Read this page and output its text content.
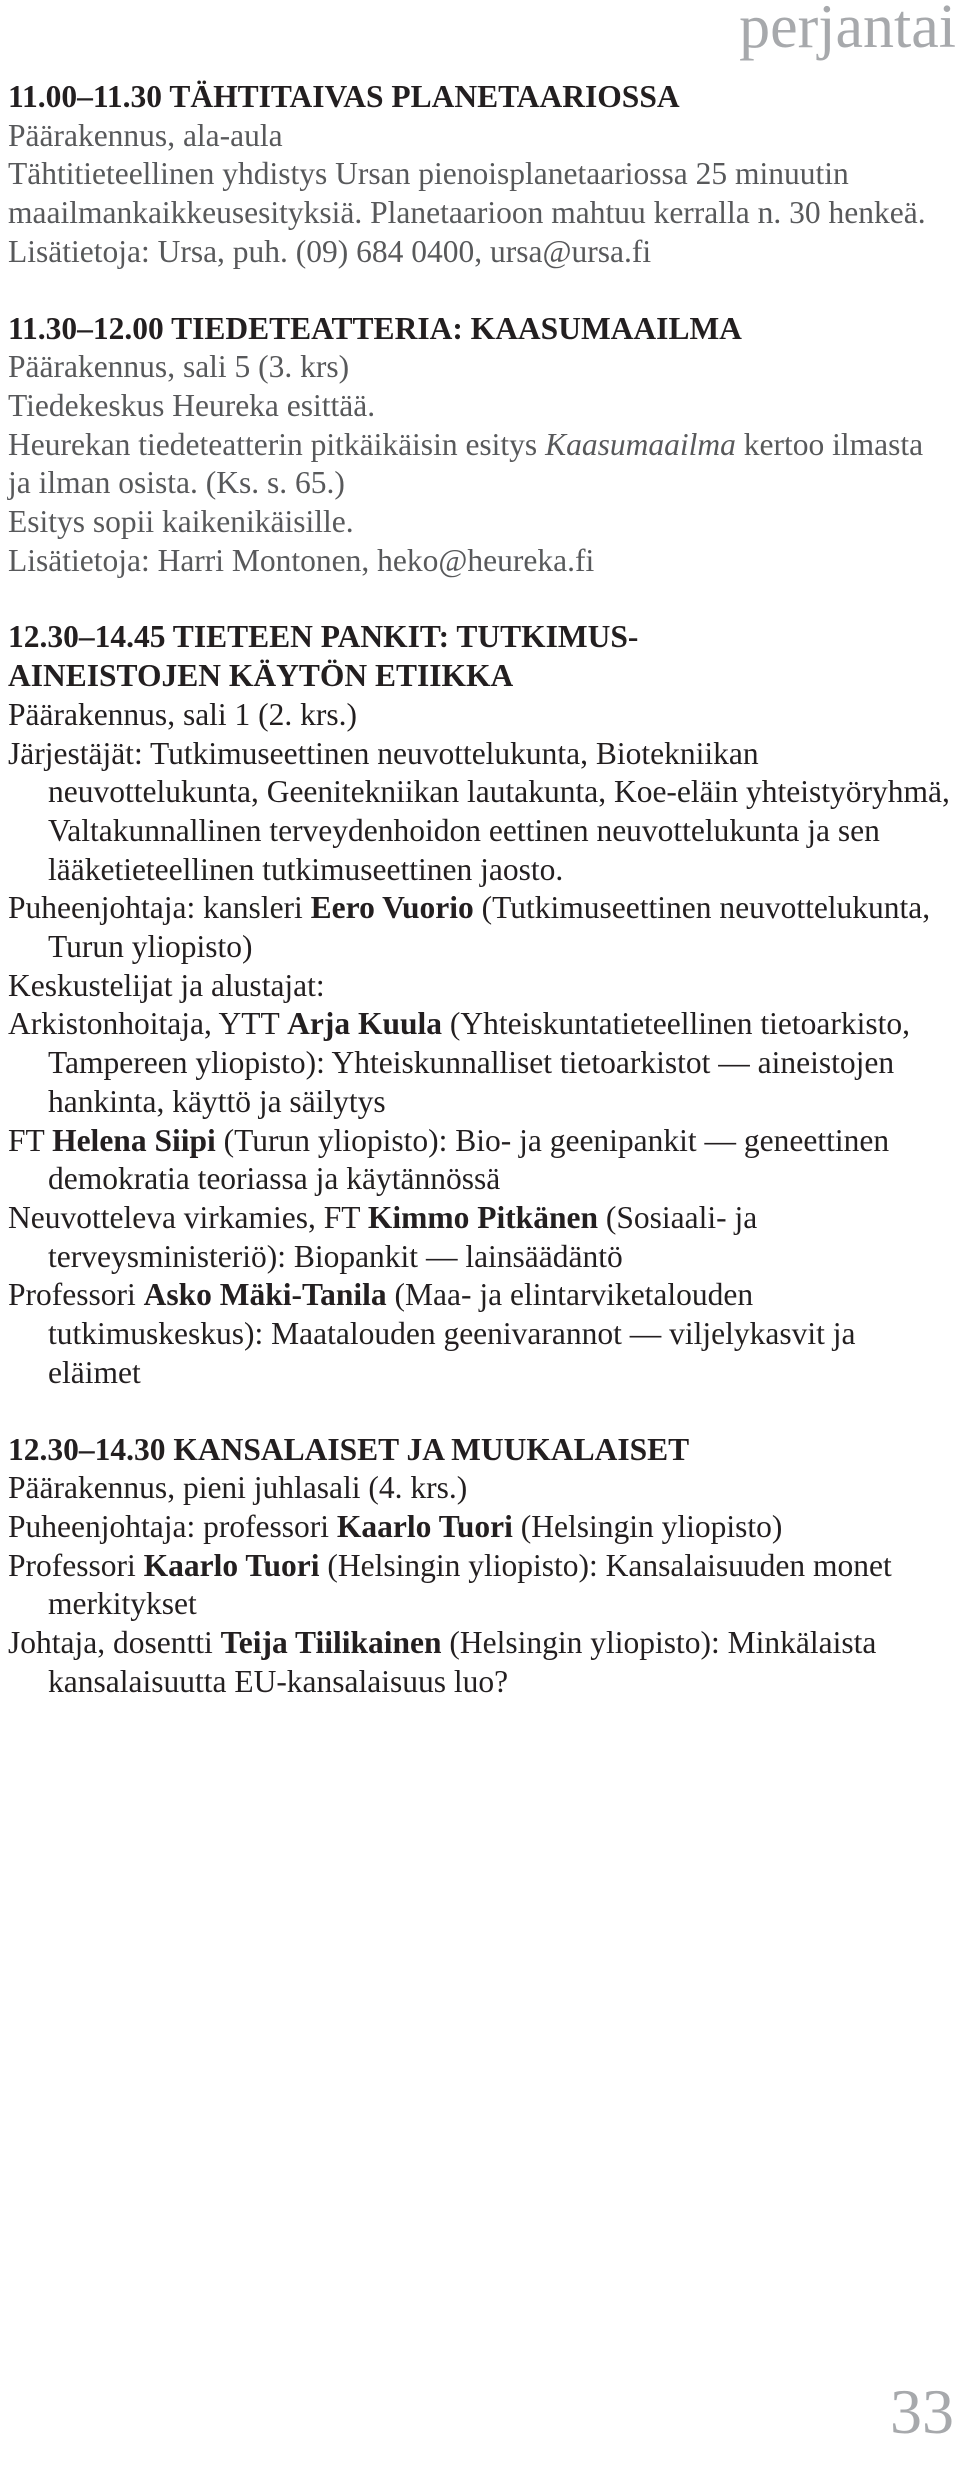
perjantai

11.00–11.30 TÄHTITAIVAS PLANETAARIOSSA

Päärakennus, ala-aula

Tähtitieteellinen yhdistys Ursan pienoisplanetaariossa 25 minuutin maailmankaikkeusesityksiä. Planetaarioon mahtuu kerralla n. 30 henkeä.

Lisätietoja: Ursa, puh. (09) 684 0400, ursa@ursa.fi

11.30–12.00 TIEDETEATTERIA: KAASUMAAILMA

Päärakennus, sali 5 (3. krs)

Tiedekeskus Heureka esittää.

Heurekan tiedeteatterin pitkäikäisin esitys Kaasumaailma kertoo ilmasta ja ilman osista. (Ks. s. 65.)

Esitys sopii kaikenikäisille.

Lisätietoja: Harri Montonen, heko@heureka.fi

12.30–14.45 TIETEEN PANKIT: TUTKIMUS-

AINEISTOJEN KÄYTÖN ETIIKKA

Päärakennus, sali 1 (2. krs.)

Järjestäjät: Tutkimuseettinen neuvottelukunta, Biotekniikan neuvottelukunta, Geenitekniikan lautakunta, Koe-eläin yhteistyöryhmä, Valtakunnallinen terveydenhoidon eettinen neuvottelukunta ja sen lääketieteellinen tutkimuseettinen jaosto.

Puheenjohtaja: kansleri Eero Vuorio (Tutkimuseettinen neuvottelukunta, Turun yliopisto)

Keskustelijat ja alustajat:

Arkistonhoitaja, YTT Arja Kuula (Yhteiskuntatieteellinen tietoarkisto, Tampereen yliopisto): Yhteiskunnalliset tietoarkistot — aineistojen hankinta, käyttö ja säilytys

FT Helena Siipi (Turun yliopisto): Bio- ja geenipankit — geneettinen demokratia teoriassa ja käytännössä

Neuvotteleva virkamies, FT Kimmo Pitkänen (Sosiaali- ja terveysministeriö): Biopankit — lainsäädäntö

Professori Asko Mäki-Tanila (Maa- ja elintarviketalouden tutkimuskeskus): Maatalouden geenivarannot — viljelykasvit ja eläimet

12.30–14.30 KANSALAISET JA MUUKALAISET

Päärakennus, pieni juhlasali (4. krs.)

Puheenjohtaja: professori Kaarlo Tuori (Helsingin yliopisto)

Professori Kaarlo Tuori (Helsingin yliopisto): Kansalaisuuden monet merkitykset

Johtaja, dosentti Teija Tiilikainen (Helsingin yliopisto): Minkälaista kansalaisuutta EU-kansalaisuus luo?

33
